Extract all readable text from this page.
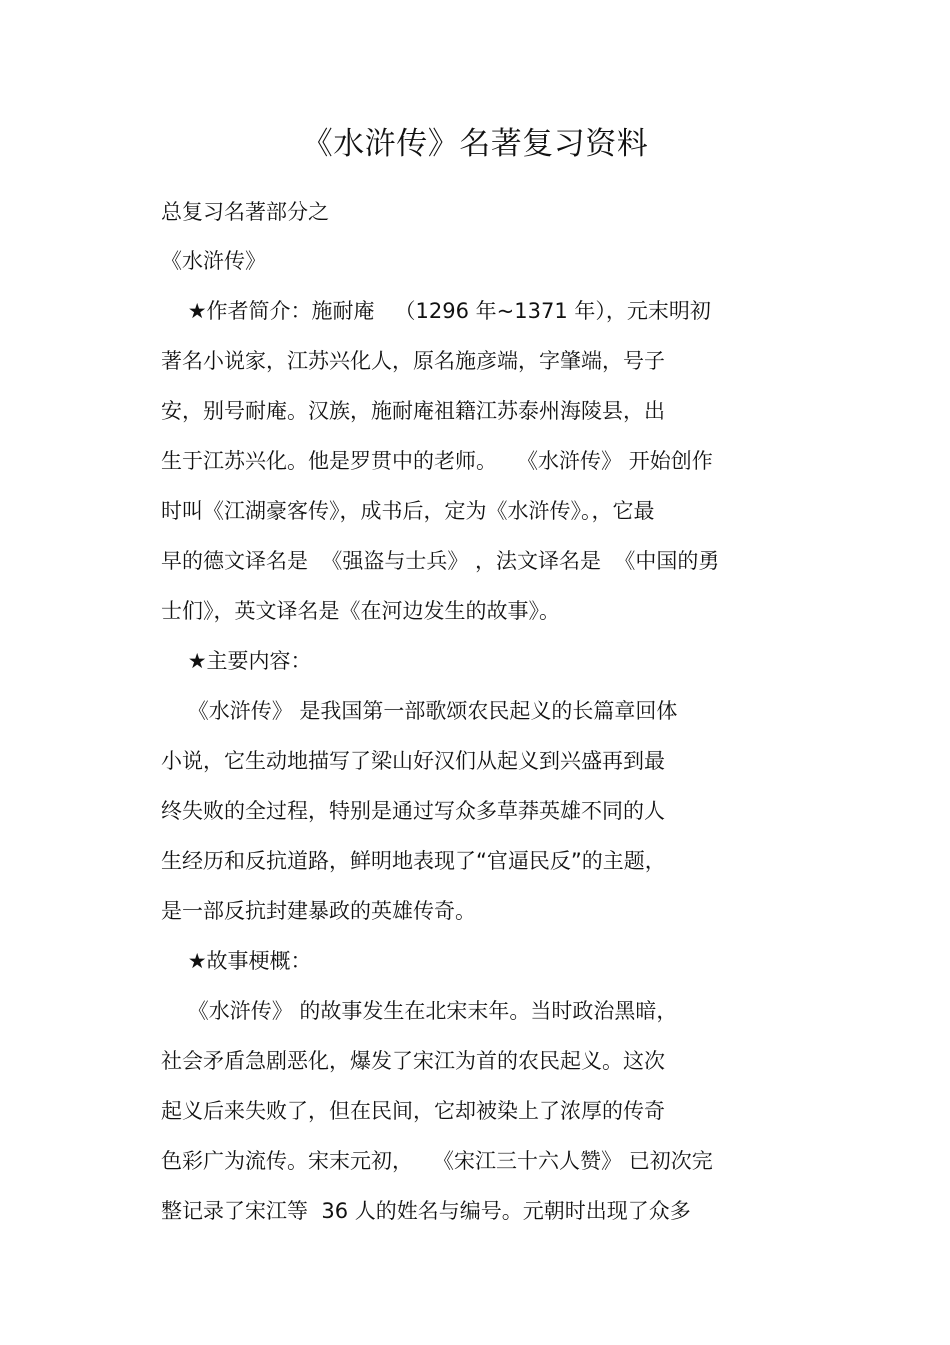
《水浒传》名著复习资料
总复习名著部分之
《水浒传》
★作者简介：施耐庵   （1296 年~1371 年），元末明初
著名小说家，江苏兴化人，原名施彦端，字肇端，号子
安，别号耐庵。汉族，施耐庵祖籍江苏泰州海陵县，出
生于江苏兴化。他是罗贯中的老师。   《水浒传》 开始创作
时叫《江湖豪客传》，成书后，定为《水浒传》。，它最
早的德文译名是  《强盗与士兵》 ，法文译名是  《中国的勇
士们》，英文译名是《在河边发生的故事》。
★主要内容：
《水浒传》 是我国第一部歌颂农民起义的长篇章回体
小说，它生动地描写了梁山好汉们从起义到兴盛再到最
终失败的全过程，特别是通过写众多草莽英雄不同的人
生经历和反抗道路，鲜明地表现了“官逼民反”的主题，
是一部反抗封建暴政的英雄传奇。
★故事梗概：
《水浒传》 的故事发生在北宋末年。当时政治黑暗，
社会矛盾急剧恶化，爆发了宋江为首的农民起义。这次
起义后来失败了，但在民间，它却被染上了浓厚的传奇
色彩广为流传。宋末元初，   《宋江三十六人赞》 已初次完
整记录了宋江等  36 人的姓名与编号。元朝时出现了众多
